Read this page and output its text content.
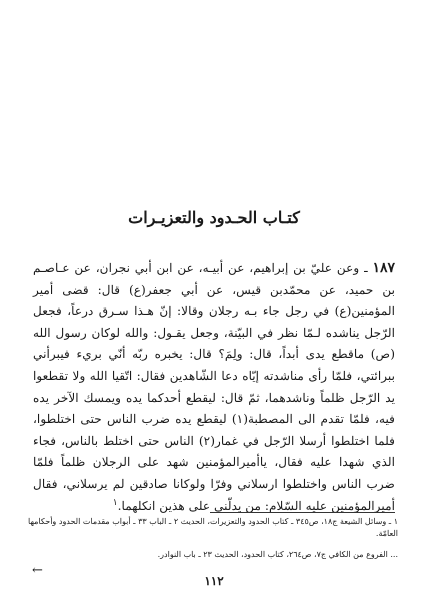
كتـاب الحـدود والتعزيـرات

١٨٧ ـ وعن عليّ بن إبراهيم، عن أبيـه، عن ابن أبي نجران، عن عـاصـم بن حميد، عن محمّدبن قيس، عن أبي جعفر(ع) قال: قضى أمير المؤمنين(ع) في رجل جاء بـه رجلان وقالا: إنّ هـذا سـرق درعاً، فجعل الرّجل يناشده لـمّا نظر في البيّنة، وجعل يقـول: والله لوكان رسول الله (ص) ماقطع يدى أبداً، قال: ولِمَ؟ قال: يخبره ربّه أنّي بريء فيبرأني ببرائتي، فلمّا رأى مناشدته إيّاه دعا الشّاهدين فقال: اتّقيا الله ولا تقطعوا يد الرّجل ظلماً وناشدهما، ثمّ قال: ليقطع أحدكما يده ويمسك الآخر يده فيه، فلمّا تقدم الى المصطبة(١) ليقطع يده ضرب الناس حتى اختلطوا، فلما اختلطوا أرسلا الرّجل في غمار(٢) الناس حتى اختلط بالناس، فجاء الذي شهدا عليه فقال، ياأميرالمؤمنين شهد على الرجلان ظلماً فلمّا ضرب الناس واختلطوا ارسلاني وفرّا ولوكانا صادقين لم يرسلاني، فقال أميرالمؤمنين عليه السّلام: من يدلّني على هذين انكلهما.$^١$

١ ـ وسائل الشيعة ج١٨، ص٣٤٥ ـ كتاب الحدود والتعزيرات، الحديث ٢ ـ الباب ٣٣ ـ أبواب مقدمات الحدود وأحكامها العامّة.

... الفروع من الكافي ج٧، ص٢٦٤، كتاب الحدود، الحديث ٢٣ ـ باب النوادر.

←
١١٢
